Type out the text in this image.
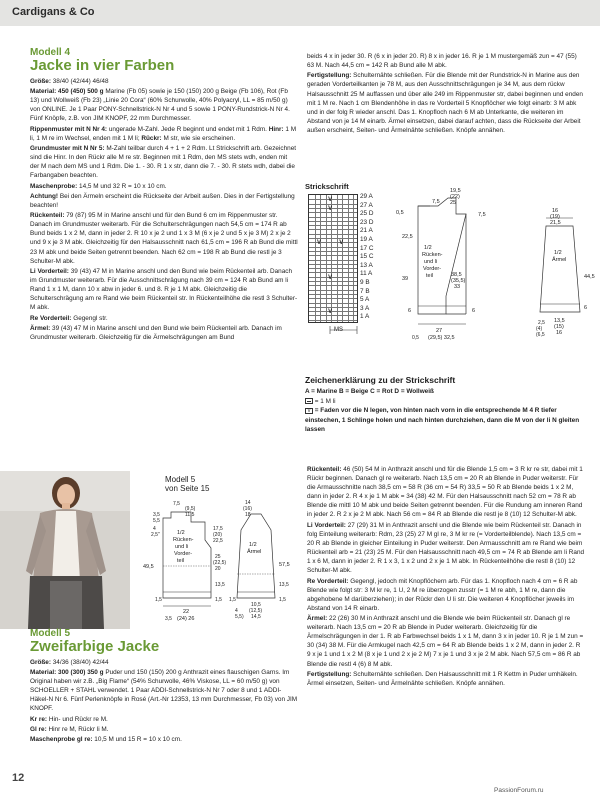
Cardigans & Co
Modell 4
Jacke in vier Farben

Größe: 38/40 (42/44) 46/48

Material: 450 (450) 500 g Marine (Fb 05) sowie je 150 (150) 200 g Beige (Fb 106), Rot (Fb 13) und Wollweiß (Fb 23) „Linie 20 Cora“ (60% Schurwolle, 40% Polyacryl, LL = 85 m/50 g) von ONLINE. Je 1 Paar PONY-Schnellstrick-N Nr 4 und 5 sowie 1 PONY-Rundstrick-N Nr 4. Fünf Knöpfe, z.B. von JIM KNOPF, 22 mm Durchmesser.

Rippenmuster mit N Nr 4: ungerade M-Zahl. Jede R beginnt und endet mit 1 Rdm. Hinr: 1 M li, 1 M re im Wechsel, enden mit 1 M li; Rückr: M str, wie sie erscheinen.

Grundmuster mit N Nr 5: M-Zahl teilbar durch 4 + 1 + 2 Rdm. Lt Strickschrift arb. Gezeichnet sind die Hinr. In den Rückr alle M re str. Beginnen mit 1 Rdm, den MS stets wdh, enden mit der M nach dem MS und 1 Rdm. Die 1. - 30. R 1 x str, dann die 7. - 30. R stets wdh, dabei die Farbangaben beachten.

Maschenprobe: 14,5 M und 32 R = 10 x 10 cm.

Achtung! Bei den Ärmeln erscheint die Rückseite der Arbeit außen. Dies in der Fertigstellung beachten!

Rückenteil: 79 (87) 95 M in Marine anschl und für den Bund 6 cm im Rippenmuster str. Danach im Grundmuster weiterarb. Für die Schulterschrägungen nach 54,5 cm = 174 R ab Bund beids 1 x 2 M, dann in jeder 2. R 10 x je 2 und 1 x 3 M (6 x je 2 und 5 x je 3 M) 2 x je 2 und 9 x je 3 M abk. Gleichzeitig für den Halsausschnitt nach 61,5 cm = 196 R ab Bund die mittl 23 M abk und beide Seiten getrennt beenden. Nach 62 cm = 198 R ab Bund die restl je 3 Schulter-M abk.

Li Vorderteil: 39 (43) 47 M in Marine anschl und den Bund wie beim Rückenteil arb. Danach im Grundmuster weiterarb. Für die Ausschnittschrägung nach 39 cm = 124 R ab Bund am li Rand 1 x 1 M, dann 10 x abw in jeder 6. und 8. R je 1 M abk. Gleichzeitig die Schulterschrägung am re Rand wie beim Rückenteil str. In Rückenteilhöhe die restl 3 Schulter-M abk.

Re Vorderteil: Gegengl str.

Ärmel: 39 (43) 47 M in Marine anschl und den Bund wie beim Rückenteil arb. Danach im Grundmuster weiterarb. Gleichzeitig für die Ärmelschrägungen am Bund

beids 4 x in jeder 30. R (6 x in jeder 20. R) 8 x in jeder 16. R je 1 M mustergemäß zun = 47 (55) 63 M. Nach 44,5 cm = 142 R ab Bund alle M abk.

Fertigstellung: Schulternähte schließen. Für die Blende mit der Rundstrick-N in Marine aus den geraden Vorderteilkanten je 78 M, aus den Ausschnittschrägungen je 34 M, aus dem rückw Halsausschnitt 25 M auffassen und über alle 249 im Rippenmuster str, dabei beginnen und enden mit 1 M re. Nach 1 cm Blendenhöhe in das re Vorderteil 5 Knopflöcher wie folgt einarb: 3 M abk und in der folg R wieder anschl. Das 1. Knopfloch nach 6 M ab Unterkante, die weiteren im Abstand von je 14 M einarb. Ärmel einsetzen, dabei darauf achten, dass die Rückseite der Arbeit außen erscheint, Seiten- und Ärmelnähte schließen. Knöpfe annähen.

Strickschrift
V
V
V	V
V
V
29 A
27 A
25 D
23 D
21 A
19 A
17 C
15 C
13 A
11 A
9 B
7 B
5 A
3 A
1 A
MS
1/2
Rücken-
und li
Vorder-
teil
1/2
Ärmel
19,5
(22)
25
0,5
7,5
22,5
39
38,5
(35,5)
33
6	6
27
(29,5) 32,5
0,5
7,5
16
(19)
21,5
44,5
6
13,5
(15)
16
2,5
(4)
(6,5
Zeichenerklärung zu der Strickschrift
A = Marine B = Beige C = Rot D = Wollweiß
= 1 M li
V = Faden vor die N legen, von hinten nach vorn in die entsprechende M 4 R tiefer einstechen, 1 Schlinge holen und nach hinten durchziehen, dann die M von der li N gleiten lassen
Modell 5
von Seite 15
1/2
Rücken-
und li
Vorder-
teil
1/2
Ärmel
7,5
(9,5)
11,5
3,5
5,5
17,5
(20)
22,5
4
2,5"
49,5
25
(22,5)
20
13,5
1,5	1,5
22
(24) 26
3,5
14
(16)
18
57,5
13,5
10,5
(12,5)
14,5
1,5	1,5
4
5,5)
Modell 5
Zweifarbige Jacke

Größe: 34/36 (38/40) 42/44

Material: 300 (300) 350 g Puder und 150 (150) 200 g Anthrazit eines flauschigen Garns. Im Original haben wir z.B. „Big Flame“ (54% Schurwolle, 46% Viskose, LL = 60 m/50 g) von SCHOELLER + STAHL verwendet. 1 Paar ADDI-Schnellstrick-N Nr 7 oder 8 und 1 ADDI-Häkel-N Nr 6. Fünf Perlenknöpfe in Rosé (Art.-Nr 12353, 13 mm Durchmesser, Fb 03) von JIM KNOPF.

Kr re: Hin- und Rückr re M.

Gl re: Hinr re M, Rückr li M.

Maschenprobe gl re: 10,5 M und 15 R = 10 x 10 cm.

Rückenteil: 46 (50) 54 M in Anthrazit anschl und für die Blende 1,5 cm = 3 R kr re str, dabei mit 1 Rückr beginnen. Danach gl re weiterarb. Nach 13,5 cm = 20 R ab Blende in Puder weiterstr. Für die Armausschnitte nach 38,5 cm = 58 R (36 cm = 54 R) 33,5 = 50 R ab Blende beids 1 x 2 M, dann in jeder 2. R 4 x je 1 M abk = 34 (38) 42 M. Für den Halsausschnitt nach 52 cm = 78 R ab Blende die mittl 10 M abk und beide Seiten getrennt beenden. Für die Rundung am inneren Rand in jeder 2. R 2 x je 2 M abk. Nach 56 cm = 84 R ab Blende die restl je 8 (10) 12 Schulter-M abk.

Li Vorderteil: 27 (29) 31 M in Anthrazit anschl und die Blende wie beim Rückenteil str. Danach in folg Einteilung weiterarb: Rdm, 23 (25) 27 M gl re, 3 M kr re (= Vorderteilblende). Nach 13,5 cm = 20 R ab Blende in gleicher Einteilung in Puder weiterstr. Den Armausschnitt am re Rand wie beim Rückenteil arb = 21 (23) 25 M. Für den Halsausschnitt nach 49,5 cm = 74 R ab Blende am li Rand 1 x 6 M, dann in jeder 2. R 1 x 3, 1 x 2 und 2 x je 1 M abk. In Rückenteilhöhe die restl 8 (10) 12 Schulter-M abk.

Re Vorderteil: Gegengl, jedoch mit Knopflöchern arb. Für das 1. Knopfloch nach 4 cm = 6 R ab Blende wie folgt str: 3 M kr re, 1 U, 2 M re überzogen zusstr (= 1 M re abh, 1 M re, dann die abgehobene M darüberziehen); in der Rückr den U li str. Die weiteren 4 Knopflöcher jeweils im Abstand von 14 R einarb.

Ärmel: 22 (26) 30 M in Anthrazit anschl und die Blende wie beim Rückenteil str. Danach gl re weiterarb. Nach 13,5 cm = 20 R ab Blende in Puder weiterarb. Gleichzeitig für die Ärmelschrägungen in der 1. R ab Farbwechsel beids 1 x 1 M, dann 3 x in jeder 10. R je 1 M zun = 30 (34) 38 M. Für die Armkugel nach 42,5 cm = 64 R ab Blende beids 1 x 2 M, dann in jeder 2. R 9 x je 1 und 1 x 2 M (8 x je 1 und 2 x je 2 M) 7 x je 1 und 3 x je 2 M abk. Nach 57,5 cm = 86 R ab Blende die restl 4 (6) 8 M abk.

Fertigstellung: Schulternähte schließen. Den Halsausschnitt mit 1 R Kettm in Puder umhäkeln. Ärmel einsetzen, Seiten- und Ärmelnähte schließen. Knöpfe annähen.

12
PassionForum.ru
